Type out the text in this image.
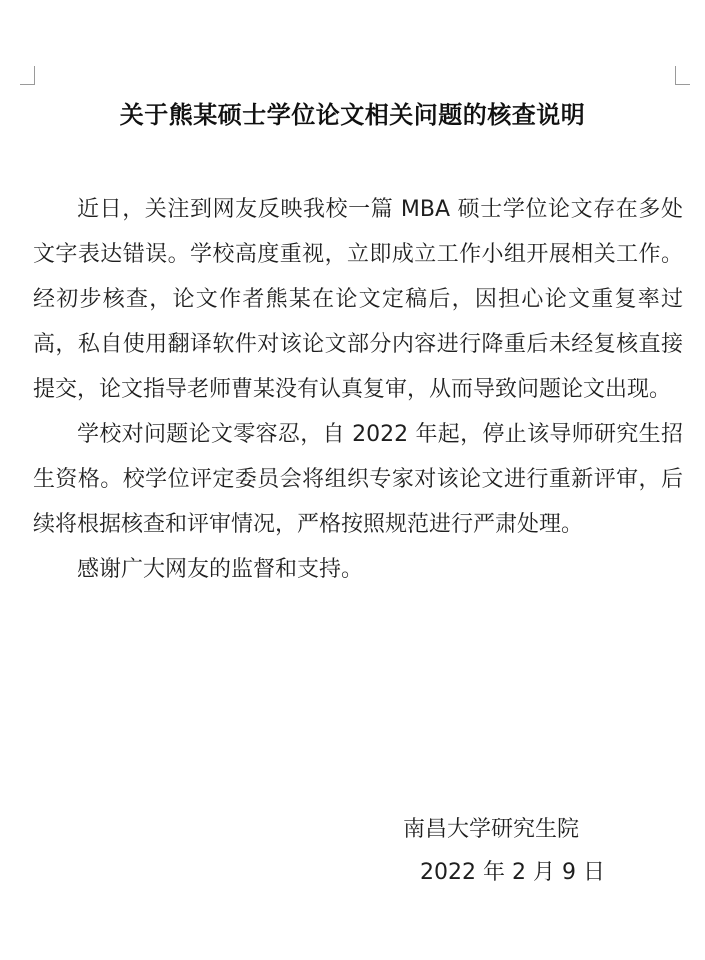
关于熊某硕士学位论文相关问题的核查说明

近日，关注到网友反映我校一篇 MBA 硕士学位论文存在多处文字表达错误。学校高度重视，立即成立工作小组开展相关工作。经初步核查，论文作者熊某在论文定稿后，因担心论文重复率过高，私自使用翻译软件对该论文部分内容进行降重后未经复核直接提交，论文指导老师曹某没有认真复审，从而导致问题论文出现。

学校对问题论文零容忍，自 2022 年起，停止该导师研究生招生资格。校学位评定委员会将组织专家对该论文进行重新评审，后续将根据核查和评审情况，严格按照规范进行严肃处理。

感谢广大网友的监督和支持。

南昌大学研究生院
2022 年 2 月 9 日
